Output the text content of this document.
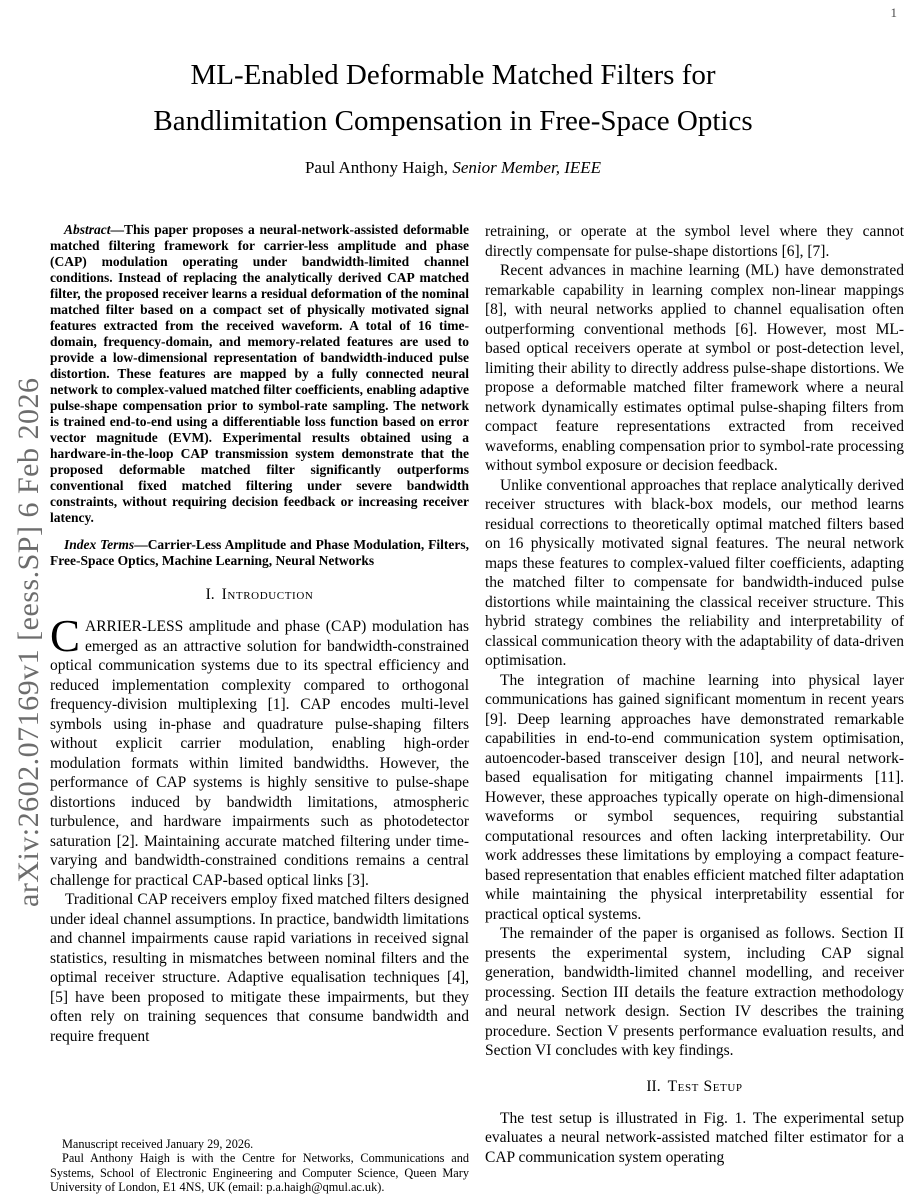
1
arXiv:2602.07169v1 [eess.SP] 6 Feb 2026
ML-Enabled Deformable Matched Filters for
Bandlimitation Compensation in Free-Space Optics
Paul Anthony Haigh, Senior Member, IEEE

Abstract—This paper proposes a neural-network-assisted deformable matched filtering framework for carrier-less amplitude and phase (CAP) modulation operating under bandwidth-limited channel conditions. Instead of replacing the analytically derived CAP matched filter, the proposed receiver learns a residual deformation of the nominal matched filter based on a compact set of physically motivated signal features extracted from the received waveform. A total of 16 time-domain, frequency-domain, and memory-related features are used to provide a low-dimensional representation of bandwidth-induced pulse distortion. These features are mapped by a fully connected neural network to complex-valued matched filter coefficients, enabling adaptive pulse-shape compensation prior to symbol-rate sampling. The network is trained end-to-end using a differentiable loss function based on error vector magnitude (EVM). Experimental results obtained using a hardware-in-the-loop CAP transmission system demonstrate that the proposed deformable matched filter significantly outperforms conventional fixed matched filtering under severe bandwidth constraints, without requiring decision feedback or increasing receiver latency.

Index Terms—Carrier-Less Amplitude and Phase Modulation, Filters, Free-Space Optics, Machine Learning, Neural Networks

I. Introduction

CARRIER-LESS amplitude and phase (CAP) modulation has emerged as an attractive solution for bandwidth-constrained optical communication systems due to its spectral efficiency and reduced implementation complexity compared to orthogonal frequency-division multiplexing [1]. CAP encodes multi-level symbols using in-phase and quadrature pulse-shaping filters without explicit carrier modulation, enabling high-order modulation formats within limited bandwidths. However, the performance of CAP systems is highly sensitive to pulse-shape distortions induced by bandwidth limitations, atmospheric turbulence, and hardware impairments such as photodetector saturation [2]. Maintaining accurate matched filtering under time-varying and bandwidth-constrained conditions remains a central challenge for practical CAP-based optical links [3].

Traditional CAP receivers employ fixed matched filters designed under ideal channel assumptions. In practice, bandwidth limitations and channel impairments cause rapid variations in received signal statistics, resulting in mismatches between nominal filters and the optimal receiver structure. Adaptive equalisation techniques [4], [5] have been proposed to mitigate these impairments, but they often rely on training sequences that consume bandwidth and require frequent

Manuscript received January 29, 2026.

Paul Anthony Haigh is with the Centre for Networks, Communications and Systems, School of Electronic Engineering and Computer Science, Queen Mary University of London, E1 4NS, UK (email: p.a.haigh@qmul.ac.uk).

retraining, or operate at the symbol level where they cannot directly compensate for pulse-shape distortions [6], [7].

Recent advances in machine learning (ML) have demonstrated remarkable capability in learning complex non-linear mappings [8], with neural networks applied to channel equalisation often outperforming conventional methods [6]. However, most ML-based optical receivers operate at symbol or post-detection level, limiting their ability to directly address pulse-shape distortions. We propose a deformable matched filter framework where a neural network dynamically estimates optimal pulse-shaping filters from compact feature representations extracted from received waveforms, enabling compensation prior to symbol-rate processing without symbol exposure or decision feedback.

Unlike conventional approaches that replace analytically derived receiver structures with black-box models, our method learns residual corrections to theoretically optimal matched filters based on 16 physically motivated signal features. The neural network maps these features to complex-valued filter coefficients, adapting the matched filter to compensate for bandwidth-induced pulse distortions while maintaining the classical receiver structure. This hybrid strategy combines the reliability and interpretability of classical communication theory with the adaptability of data-driven optimisation.

The integration of machine learning into physical layer communications has gained significant momentum in recent years [9]. Deep learning approaches have demonstrated remarkable capabilities in end-to-end communication system optimisation, autoencoder-based transceiver design [10], and neural network-based equalisation for mitigating channel impairments [11]. However, these approaches typically operate on high-dimensional waveforms or symbol sequences, requiring substantial computational resources and often lacking interpretability. Our work addresses these limitations by employing a compact feature-based representation that enables efficient matched filter adaptation while maintaining the physical interpretability essential for practical optical systems.

The remainder of the paper is organised as follows. Section II presents the experimental system, including CAP signal generation, bandwidth-limited channel modelling, and receiver processing. Section III details the feature extraction methodology and neural network design. Section IV describes the training procedure. Section V presents performance evaluation results, and Section VI concludes with key findings.

II. Test Setup

The test setup is illustrated in Fig. 1. The experimental setup evaluates a neural network-assisted matched filter estimator for a CAP communication system operating
